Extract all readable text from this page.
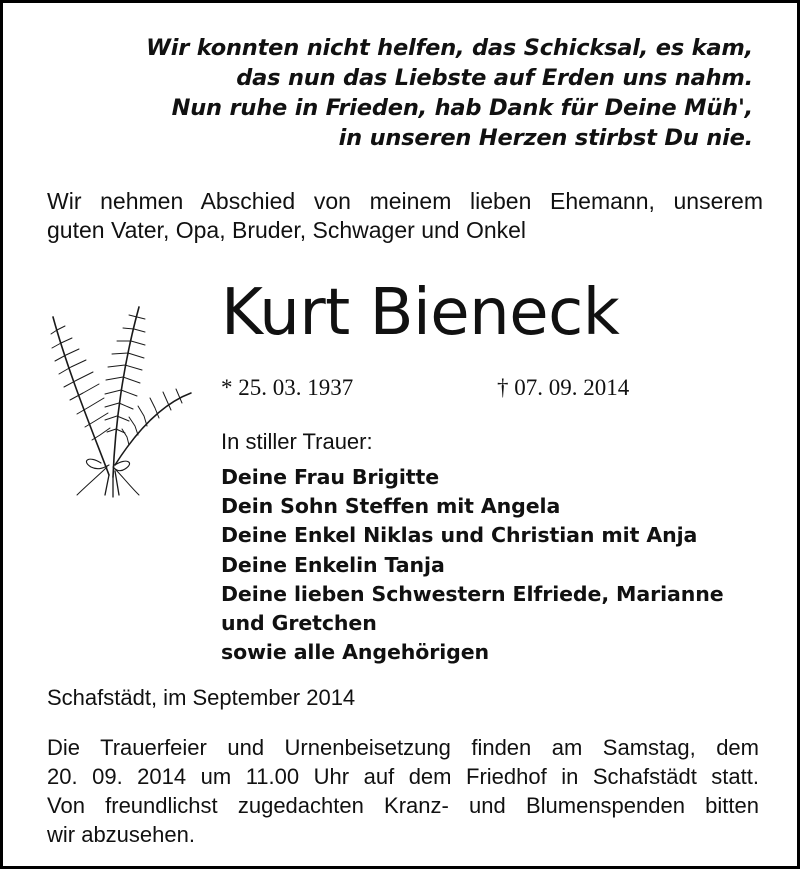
Wir konnten nicht helfen, das Schicksal, es kam,
das nun das Liebste auf Erden uns nahm.
Nun ruhe in Frieden, hab Dank für Deine Müh',
in unseren Herzen stirbst Du nie.
Wir nehmen Abschied von meinem lieben Ehemann, unserem
guten Vater, Opa, Bruder, Schwager und Onkel
Kurt Bieneck
* 25. 03. 1937	† 07. 09. 2014
In stiller Trauer:
Deine Frau Brigitte
Dein Sohn Steffen mit Angela
Deine Enkel Niklas und Christian mit Anja
Deine Enkelin Tanja
Deine lieben Schwestern Elfriede, Marianne
und Gretchen
sowie alle Angehörigen
Schafstädt, im September 2014
Die Trauerfeier und Urnenbeisetzung finden am Samstag, dem
20. 09. 2014 um 11.00 Uhr auf dem Friedhof in Schafstädt statt.
Von freundlichst zugedachten Kranz- und Blumenspenden bitten
wir abzusehen.
